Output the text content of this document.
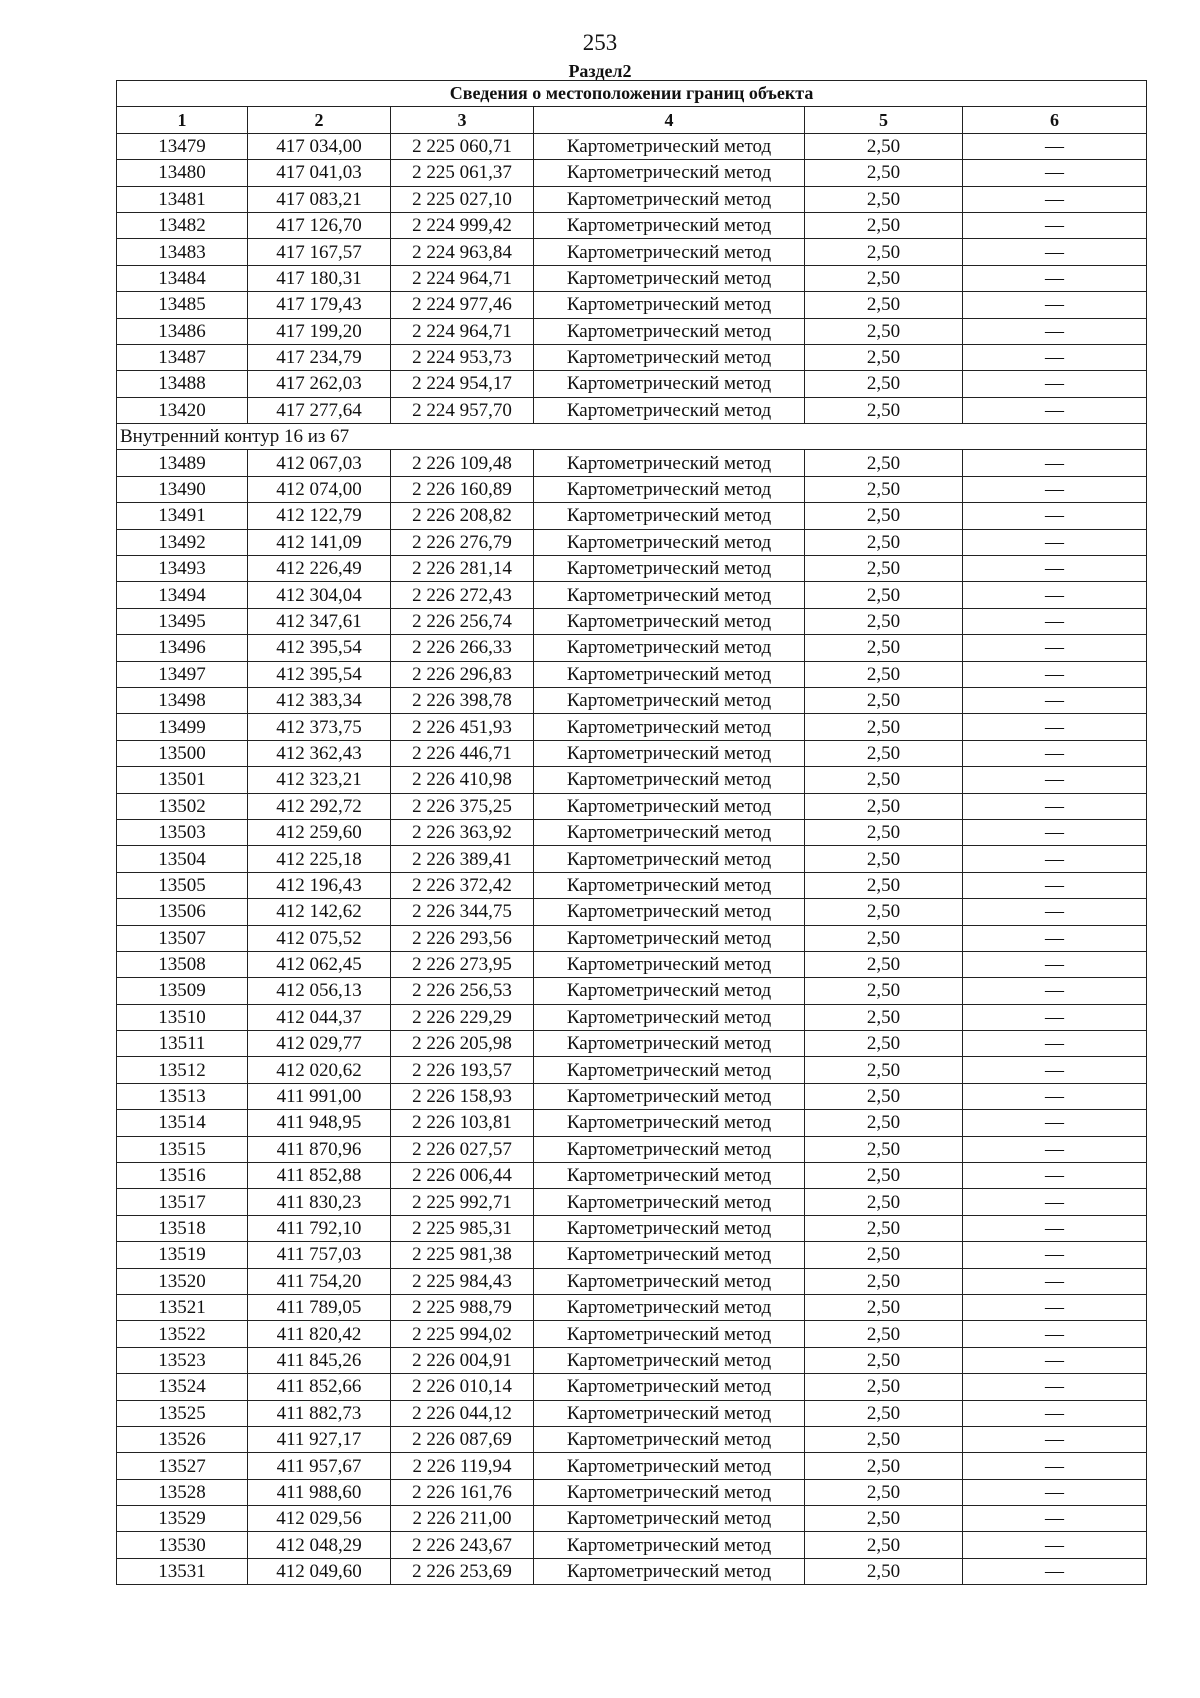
253
Раздел2
Сведения о местоположении границ объекта					
1	2	3	4	5	6
13479	417 034,00	2 225 060,71	Картометрический метод	2,50	—
13480	417 041,03	2 225 061,37	Картометрический метод	2,50	—
13481	417 083,21	2 225 027,10	Картометрический метод	2,50	—
13482	417 126,70	2 224 999,42	Картометрический метод	2,50	—
13483	417 167,57	2 224 963,84	Картометрический метод	2,50	—
13484	417 180,31	2 224 964,71	Картометрический метод	2,50	—
13485	417 179,43	2 224 977,46	Картометрический метод	2,50	—
13486	417 199,20	2 224 964,71	Картометрический метод	2,50	—
13487	417 234,79	2 224 953,73	Картометрический метод	2,50	—
13488	417 262,03	2 224 954,17	Картометрический метод	2,50	—
13420	417 277,64	2 224 957,70	Картометрический метод	2,50	—
Внутренний контур 16 из 67					
13489	412 067,03	2 226 109,48	Картометрический метод	2,50	—
13490	412 074,00	2 226 160,89	Картометрический метод	2,50	—
13491	412 122,79	2 226 208,82	Картометрический метод	2,50	—
13492	412 141,09	2 226 276,79	Картометрический метод	2,50	—
13493	412 226,49	2 226 281,14	Картометрический метод	2,50	—
13494	412 304,04	2 226 272,43	Картометрический метод	2,50	—
13495	412 347,61	2 226 256,74	Картометрический метод	2,50	—
13496	412 395,54	2 226 266,33	Картометрический метод	2,50	—
13497	412 395,54	2 226 296,83	Картометрический метод	2,50	—
13498	412 383,34	2 226 398,78	Картометрический метод	2,50	—
13499	412 373,75	2 226 451,93	Картометрический метод	2,50	—
13500	412 362,43	2 226 446,71	Картометрический метод	2,50	—
13501	412 323,21	2 226 410,98	Картометрический метод	2,50	—
13502	412 292,72	2 226 375,25	Картометрический метод	2,50	—
13503	412 259,60	2 226 363,92	Картометрический метод	2,50	—
13504	412 225,18	2 226 389,41	Картометрический метод	2,50	—
13505	412 196,43	2 226 372,42	Картометрический метод	2,50	—
13506	412 142,62	2 226 344,75	Картометрический метод	2,50	—
13507	412 075,52	2 226 293,56	Картометрический метод	2,50	—
13508	412 062,45	2 226 273,95	Картометрический метод	2,50	—
13509	412 056,13	2 226 256,53	Картометрический метод	2,50	—
13510	412 044,37	2 226 229,29	Картометрический метод	2,50	—
13511	412 029,77	2 226 205,98	Картометрический метод	2,50	—
13512	412 020,62	2 226 193,57	Картометрический метод	2,50	—
13513	411 991,00	2 226 158,93	Картометрический метод	2,50	—
13514	411 948,95	2 226 103,81	Картометрический метод	2,50	—
13515	411 870,96	2 226 027,57	Картометрический метод	2,50	—
13516	411 852,88	2 226 006,44	Картометрический метод	2,50	—
13517	411 830,23	2 225 992,71	Картометрический метод	2,50	—
13518	411 792,10	2 225 985,31	Картометрический метод	2,50	—
13519	411 757,03	2 225 981,38	Картометрический метод	2,50	—
13520	411 754,20	2 225 984,43	Картометрический метод	2,50	—
13521	411 789,05	2 225 988,79	Картометрический метод	2,50	—
13522	411 820,42	2 225 994,02	Картометрический метод	2,50	—
13523	411 845,26	2 226 004,91	Картометрический метод	2,50	—
13524	411 852,66	2 226 010,14	Картометрический метод	2,50	—
13525	411 882,73	2 226 044,12	Картометрический метод	2,50	—
13526	411 927,17	2 226 087,69	Картометрический метод	2,50	—
13527	411 957,67	2 226 119,94	Картометрический метод	2,50	—
13528	411 988,60	2 226 161,76	Картометрический метод	2,50	—
13529	412 029,56	2 226 211,00	Картометрический метод	2,50	—
13530	412 048,29	2 226 243,67	Картометрический метод	2,50	—
13531	412 049,60	2 226 253,69	Картометрический метод	2,50	—
